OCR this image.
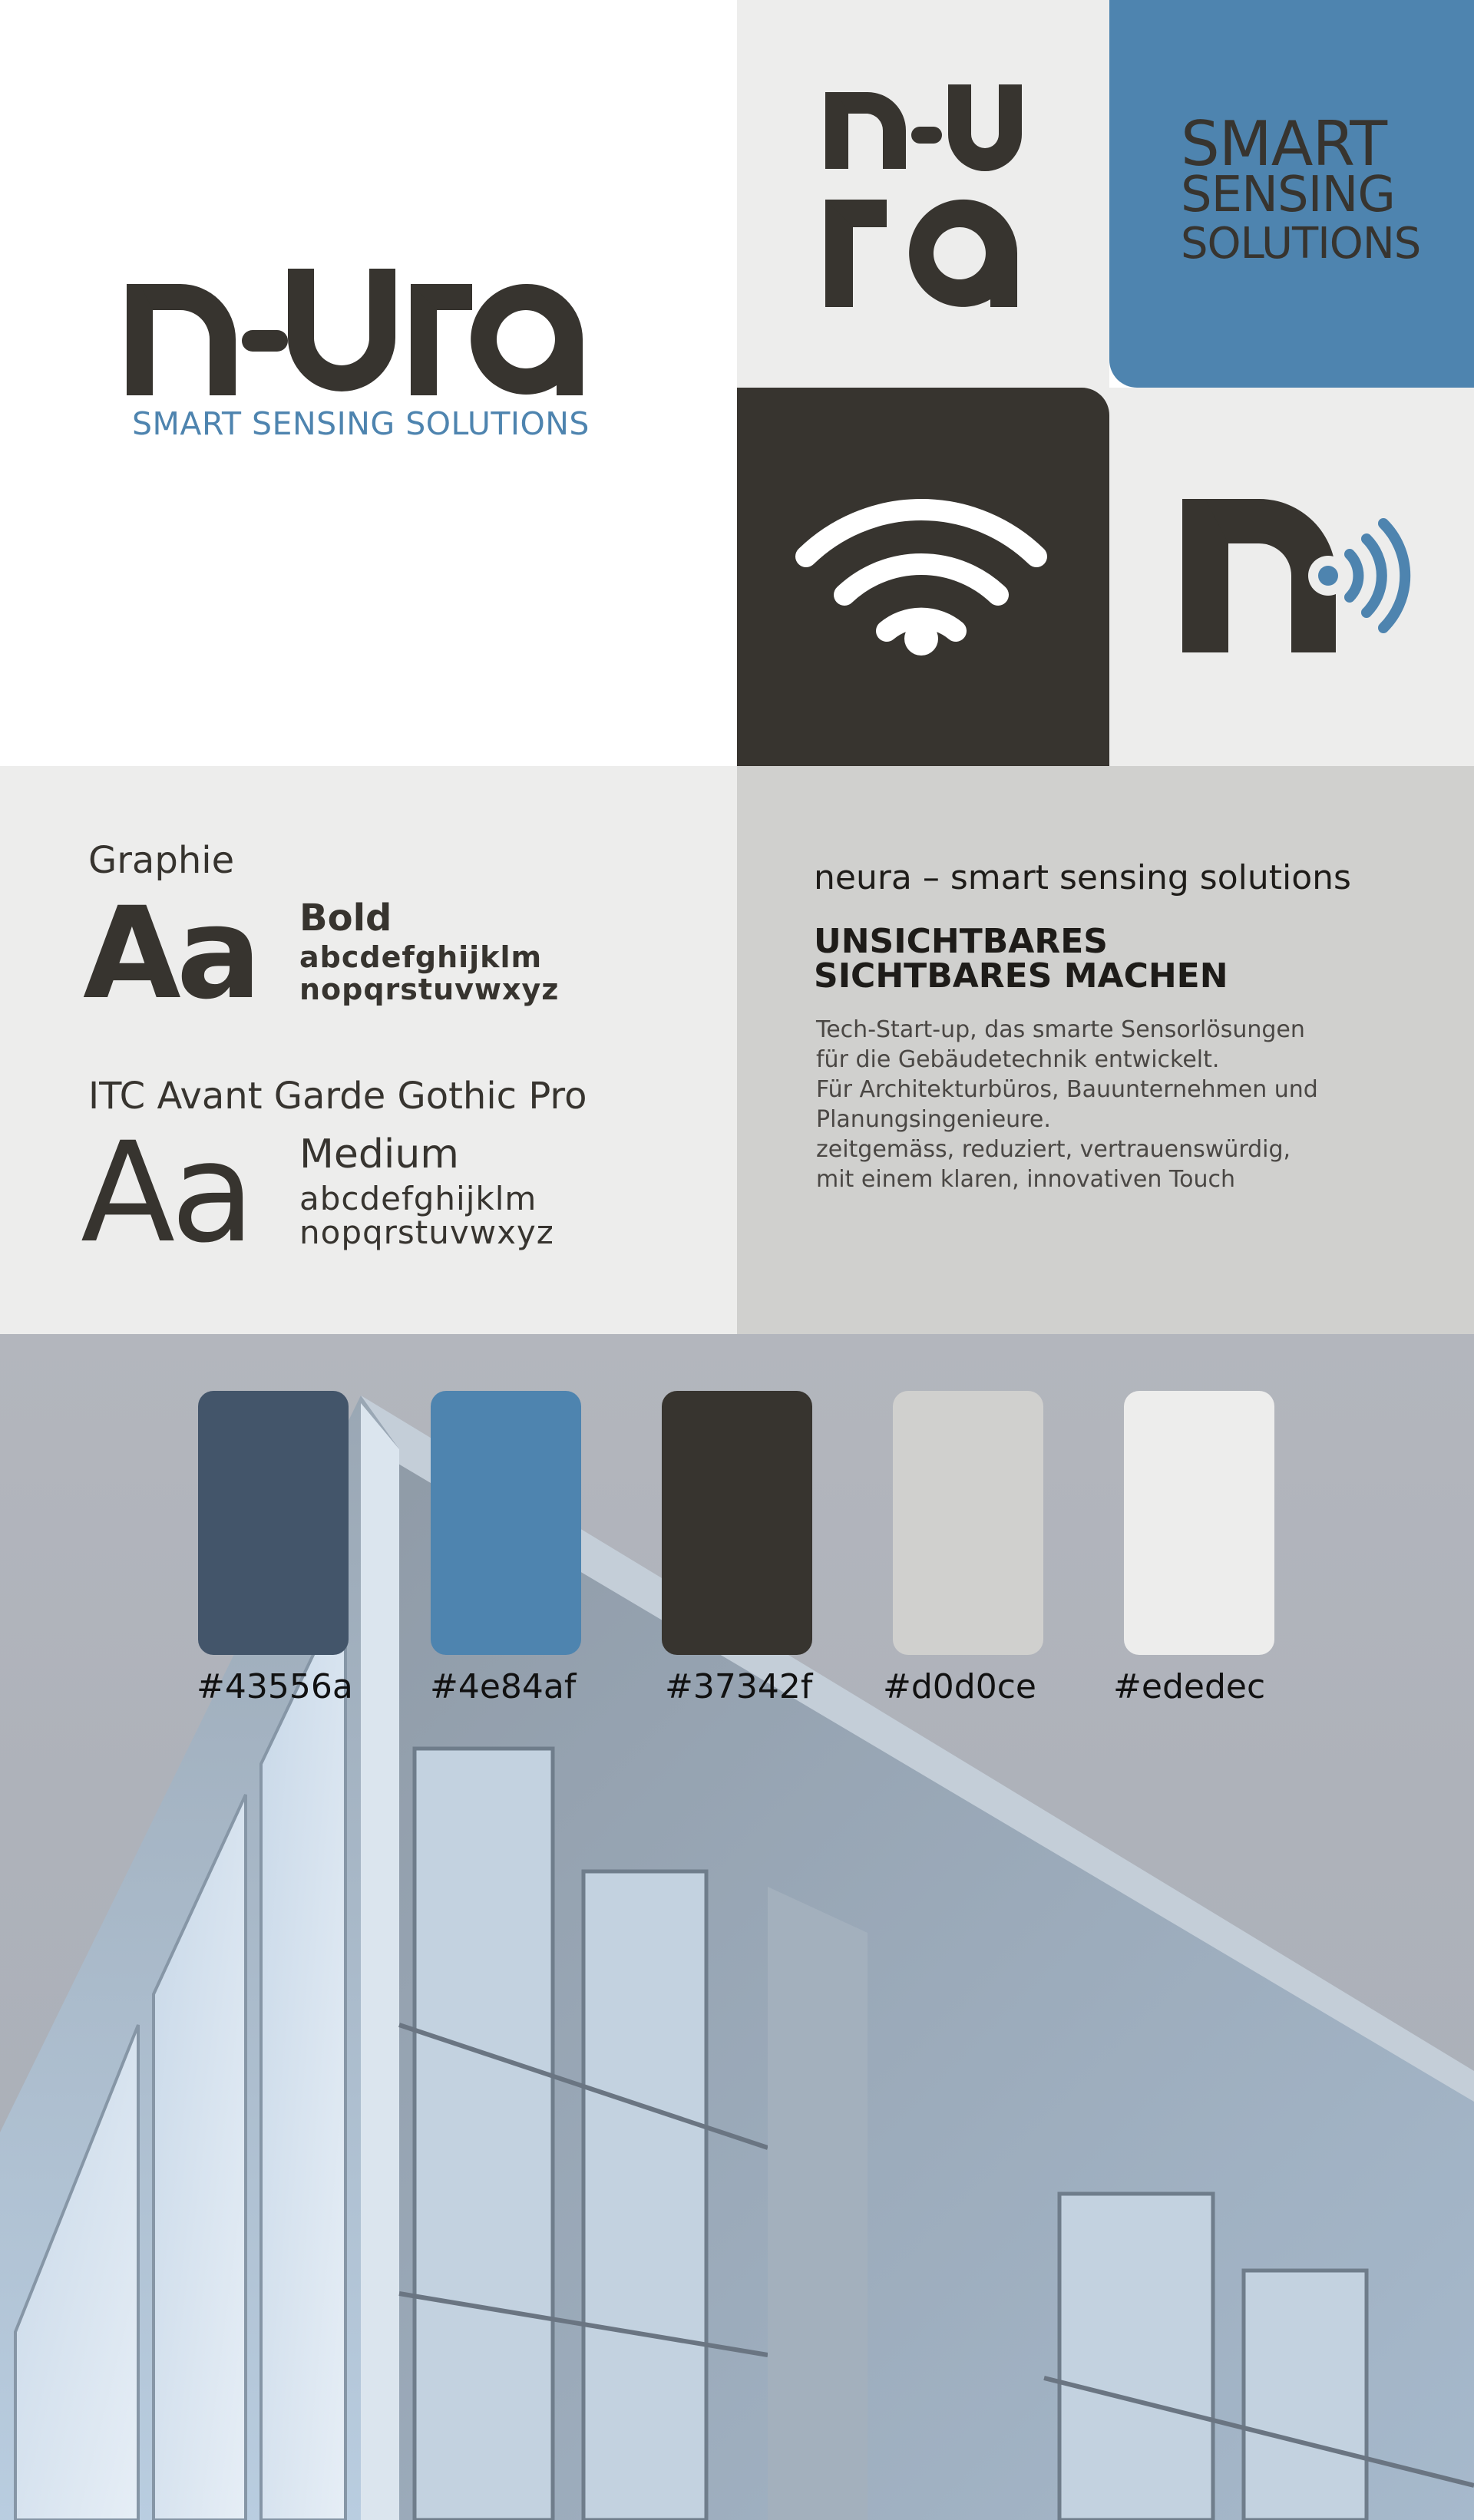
SMART SENSING SOLUTIONS
SMART
SENSING
SOLUTIONS
Graphie
Aa Bold
abcdefghijklm
nopqrstuvwxyz
ITC Avant Garde Gothic Pro
Aa Medium
abcdefghijklm
nopqrstuvwxyz
neura – smart sensing solutions
UNSICHTBARES
SICHTBARES MACHEN
Tech-Start-up, das smarte Sensorlösungen
für die Gebäudetechnik entwickelt.
Für Architekturbüros, Bauunternehmen und
Planungsingenieure.
zeitgemäss, reduziert, vertrauenswürdig,
mit einem klaren, innovativen Touch
#43556a #4e84af	#37342f #d0d0ce #ededec
